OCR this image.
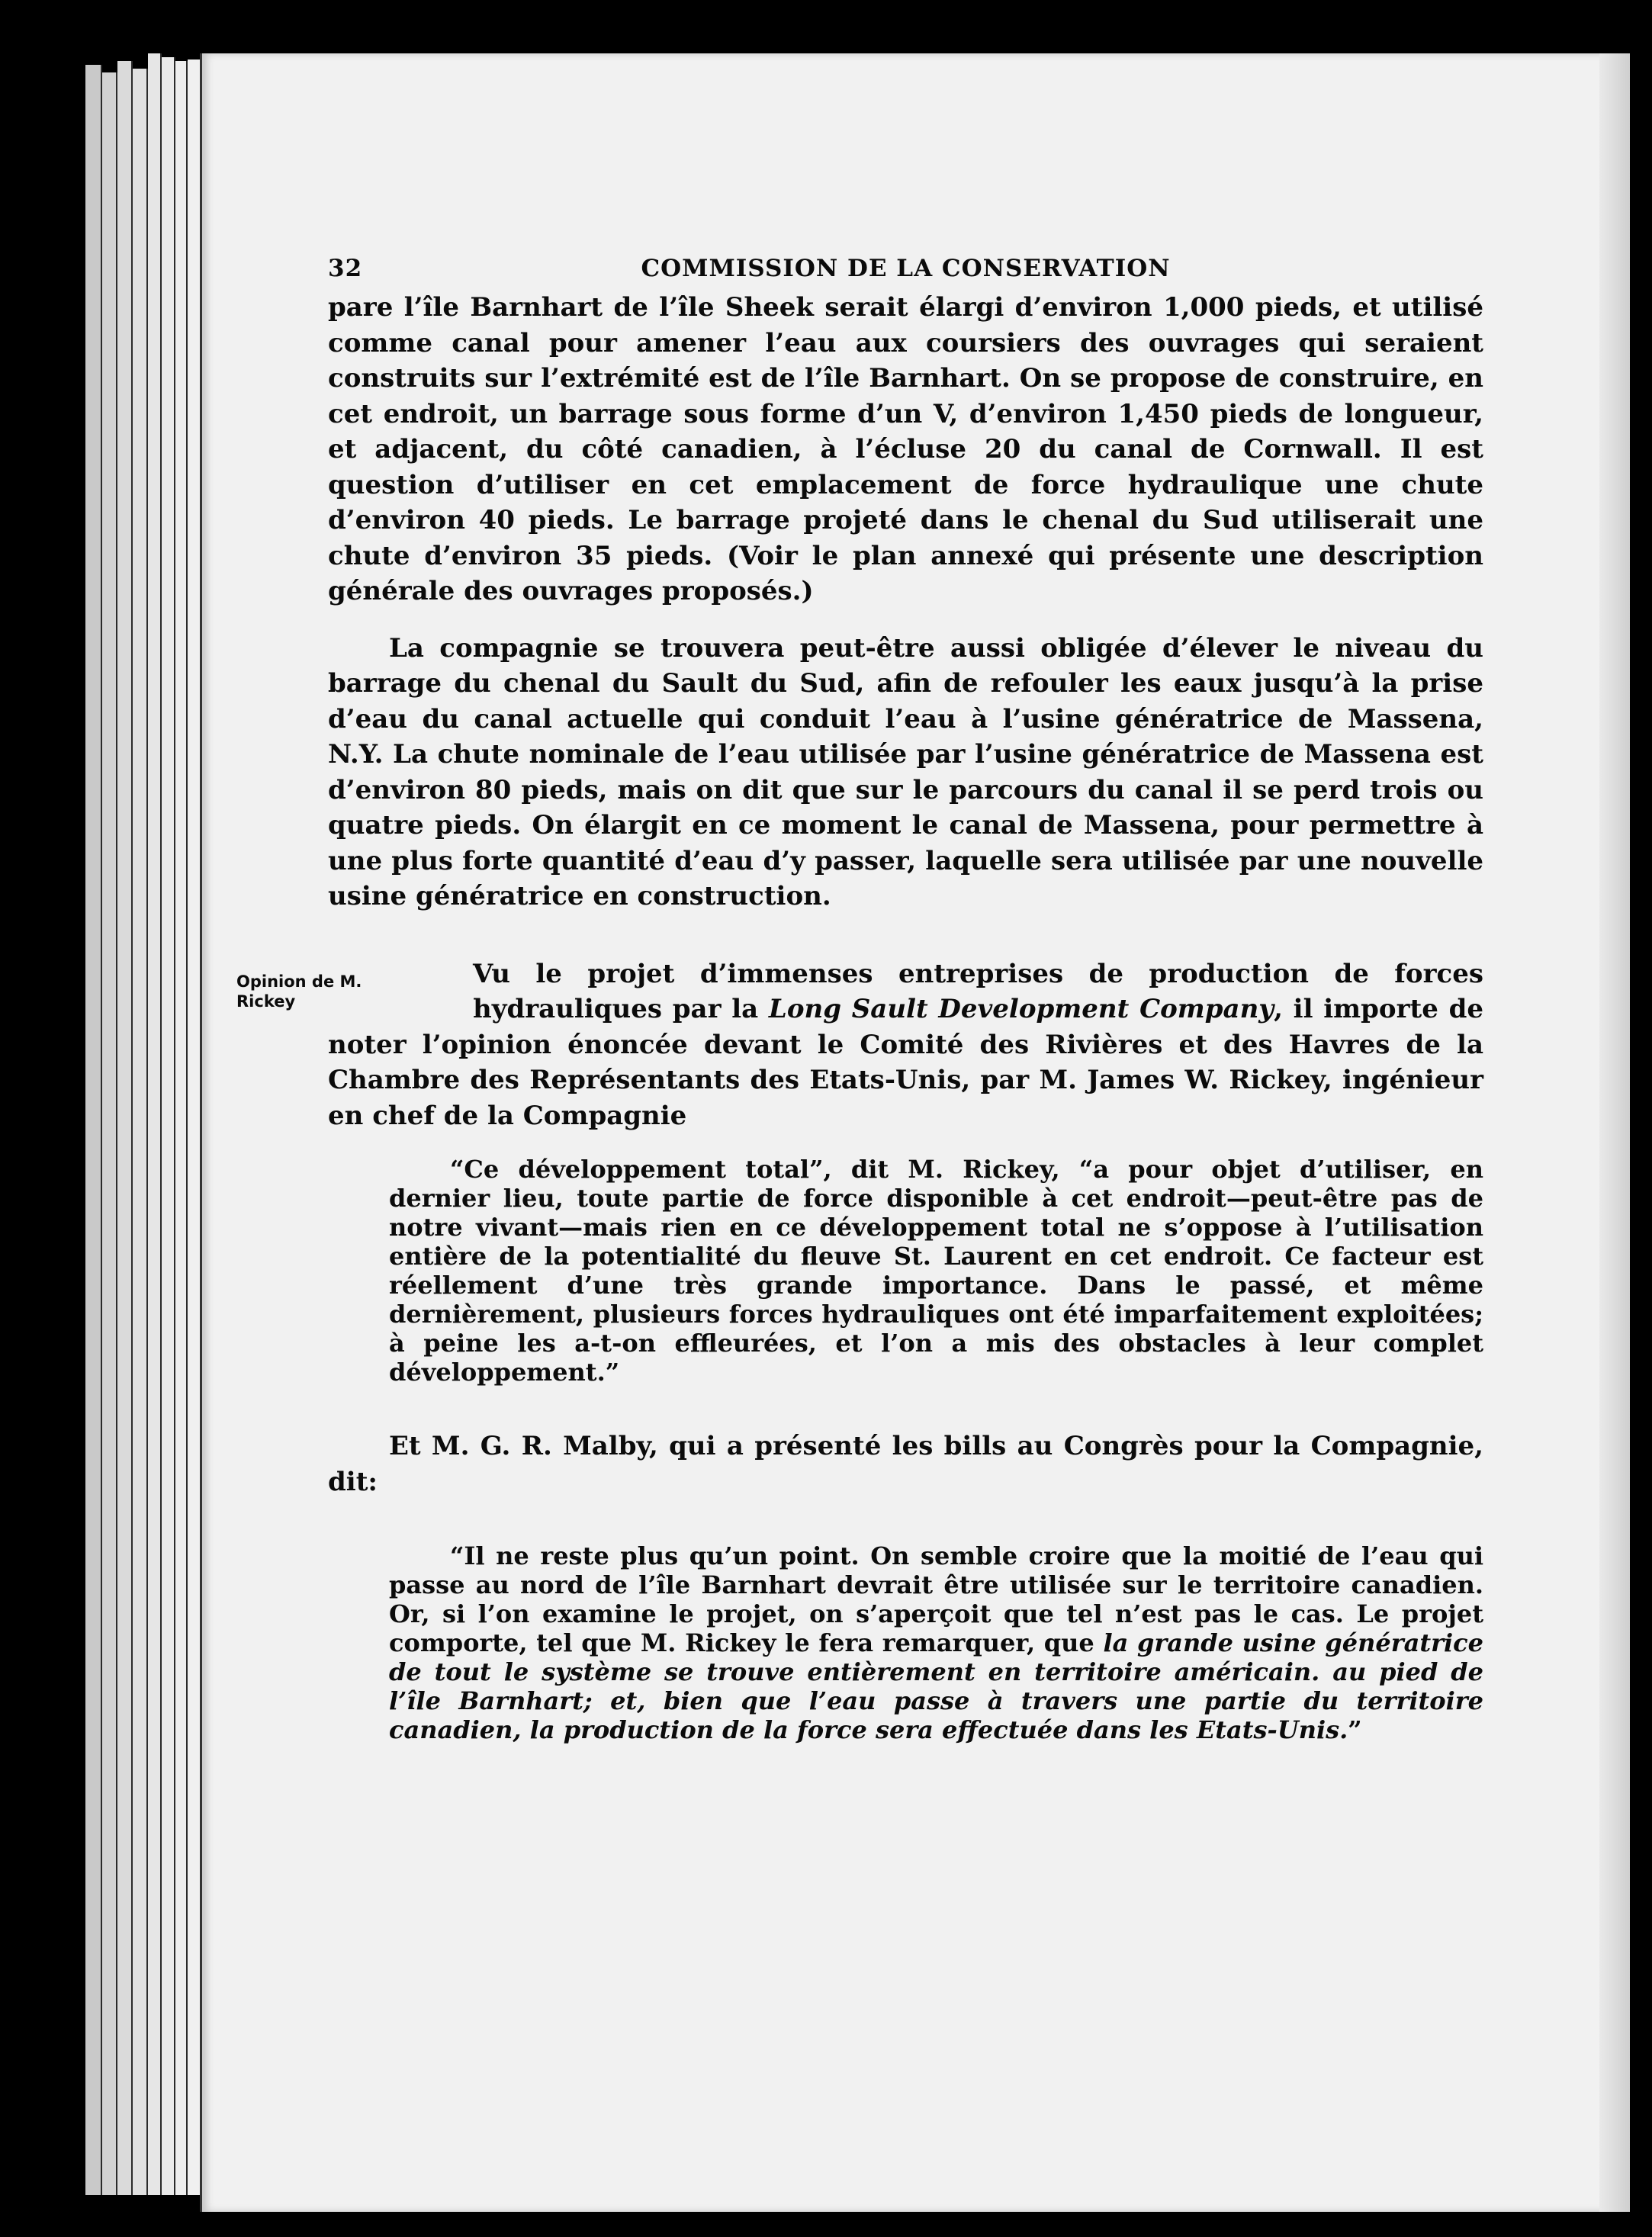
32	COMMISSION DE LA CONSERVATION

pare l’île Barnhart de l’île Sheek serait élargi d’environ 1,000 pieds, et utilisé comme canal pour amener l’eau aux coursiers des ouvrages qui seraient construits sur l’extrémité est de l’île Barnhart. On se propose de construire, en cet endroit, un barrage sous forme d’un V, d’environ 1,450 pieds de longueur, et adjacent, du côté canadien, à l’écluse 20 du canal de Cornwall. Il est question d’utiliser en cet emplacement de force hydraulique une chute d’environ 40 pieds. Le barrage projeté dans le chenal du Sud utiliserait une chute d’environ 35 pieds. (Voir le plan annexé qui présente une description générale des ouvrages proposés.)

La compagnie se trouvera peut-être aussi obligée d’élever le niveau du barrage du chenal du Sault du Sud, afin de refouler les eaux jusqu’à la prise d’eau du canal actuelle qui conduit l’eau à l’usine génératrice de Massena, N.Y. La chute nominale de l’eau utilisée par l’usine génératrice de Massena est d’environ 80 pieds, mais on dit que sur le parcours du canal il se perd trois ou quatre pieds. On élargit en ce moment le canal de Massena, pour permettre à une plus forte quantité d’eau d’y passer, laquelle sera utilisée par une nouvelle usine génératrice en construction.

Opinion de M. Rickey

Vu le projet d’immenses entreprises de production de forces hydrauliques par la Long Sault Development Company, il importe de noter l’opinion énoncée devant le Comité des Rivières et des Havres de la Chambre des Représentants des Etats-Unis, par M. James W. Rickey, ingénieur en chef de la Compagnie

“Ce développement total”, dit M. Rickey, “a pour objet d’utiliser, en dernier lieu, toute partie de force disponible à cet endroit—peut-être pas de notre vivant—mais rien en ce développement total ne s’oppose à l’utilisation entière de la potentialité du fleuve St. Laurent en cet endroit. Ce facteur est réellement d’une très grande importance. Dans le passé, et même dernièrement, plusieurs forces hydrauliques ont été imparfaitement exploitées; à peine les a-t-on effleurées, et l’on a mis des obstacles à leur complet développement.”

Et M. G. R. Malby, qui a présenté les bills au Congrès pour la Compagnie, dit:

“Il ne reste plus qu’un point. On semble croire que la moitié de l’eau qui passe au nord de l’île Barnhart devrait être utilisée sur le territoire canadien. Or, si l’on examine le projet, on s’aperçoit que tel n’est pas le cas. Le projet comporte, tel que M. Rickey le fera remarquer, que la grande usine génératrice de tout le système se trouve entièrement en territoire américain. au pied de l’île Barnhart; et, bien que l’eau passe à travers une partie du territoire canadien, la production de la force sera effectuée dans les Etats-Unis.”
